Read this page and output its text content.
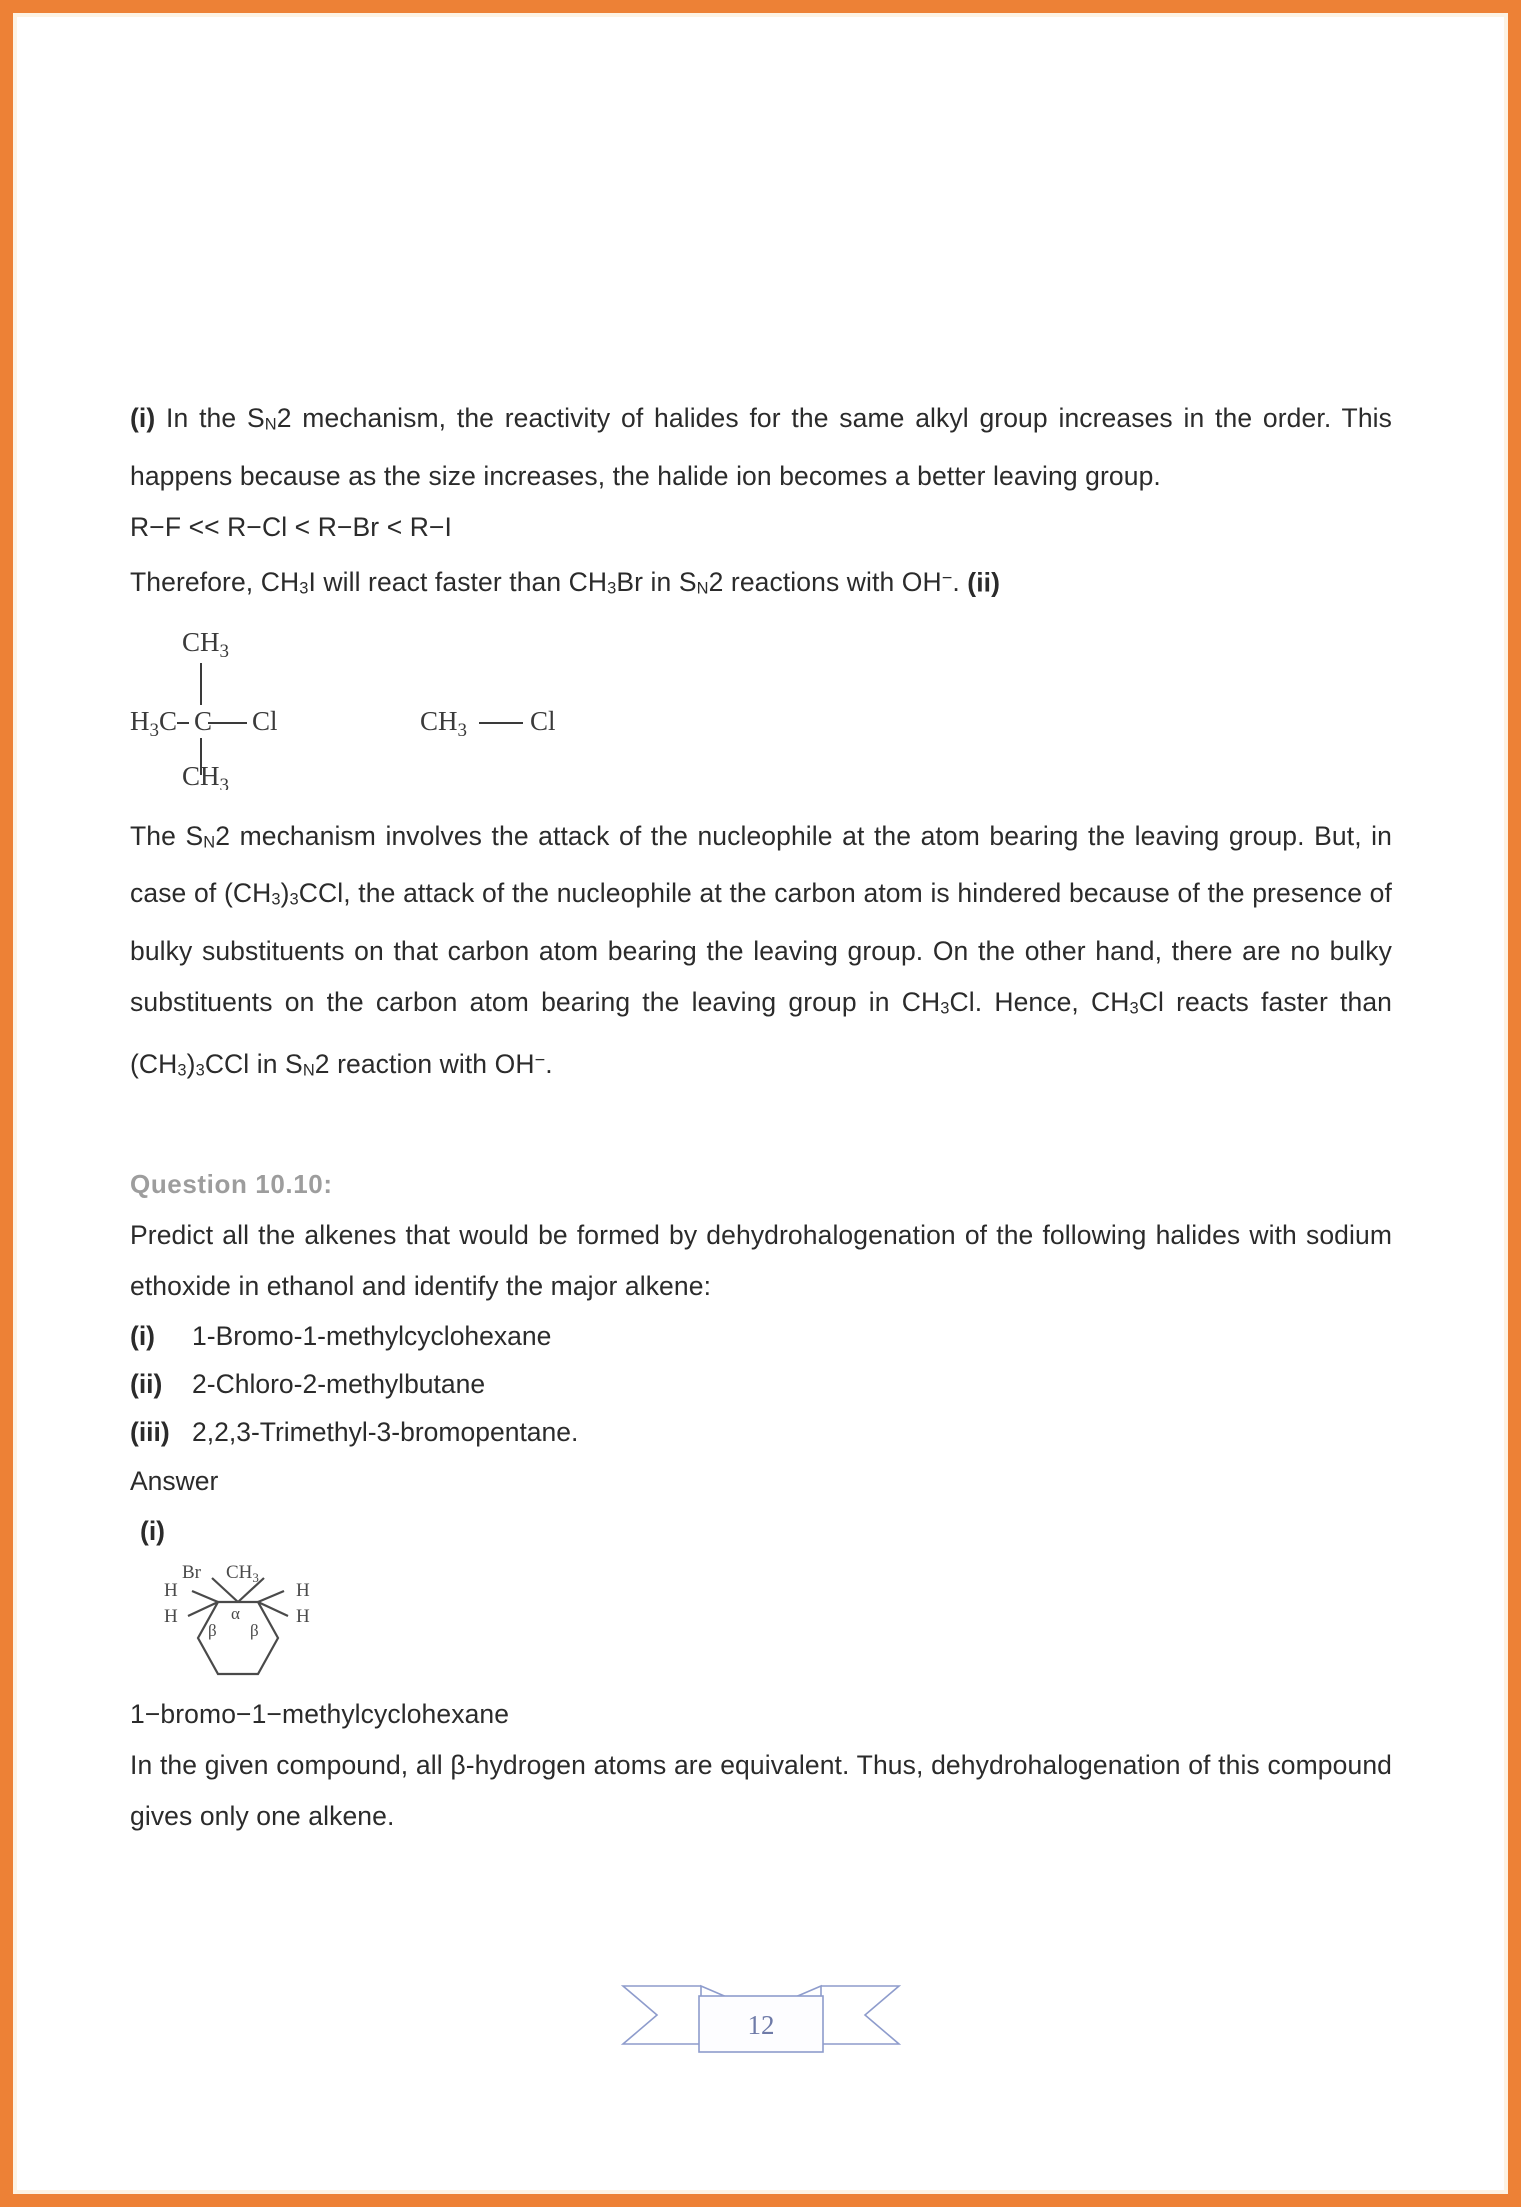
(i) In the $S_N2$ mechanism, the reactivity of halides for the same alkyl group increases in the order. This happens because as the size increases, the halide ion becomes a better leaving group.

R−F << R−Cl < R−Br < R−I

Therefore, $CH_3I$ will react faster than $CH_3Br$ in $S_N2$ reactions with OH−. (ii)

$CH_3$
$H_3C$ C Cl
$CH_3$
$CH_3$ Cl

The $S_N2$ mechanism involves the attack of the nucleophile at the atom bearing the leaving group. But, in case of $(CH_3)_3CCl$, the attack of the nucleophile at the carbon atom is hindered because of the presence of bulky substituents on that carbon atom bearing the leaving group. On the other hand, there are no bulky substituents on the carbon atom bearing the leaving group in $CH_3Cl$. Hence, $CH_3Cl$ reacts faster than $(CH_3)_3CCl$ in $S_N2$ reaction with OH−.

Question 10.10:

Predict all the alkenes that would be formed by dehydrohalogenation of the following halides with sodium ethoxide in ethanol and identify the major alkene:

(i)	1-Bromo-1-methylcyclohexane
(ii)	2-Chloro-2-methylbutane
(iii) 2,2,3-Trimethyl-3-bromopentane.

Answer

(i)

Br $CH_3$
H
H
H
H
α
β β

1−bromo−1−methylcyclohexane

In the given compound, all β-hydrogen atoms are equivalent. Thus, dehydrohalogenation of this compound gives only one alkene.

12
